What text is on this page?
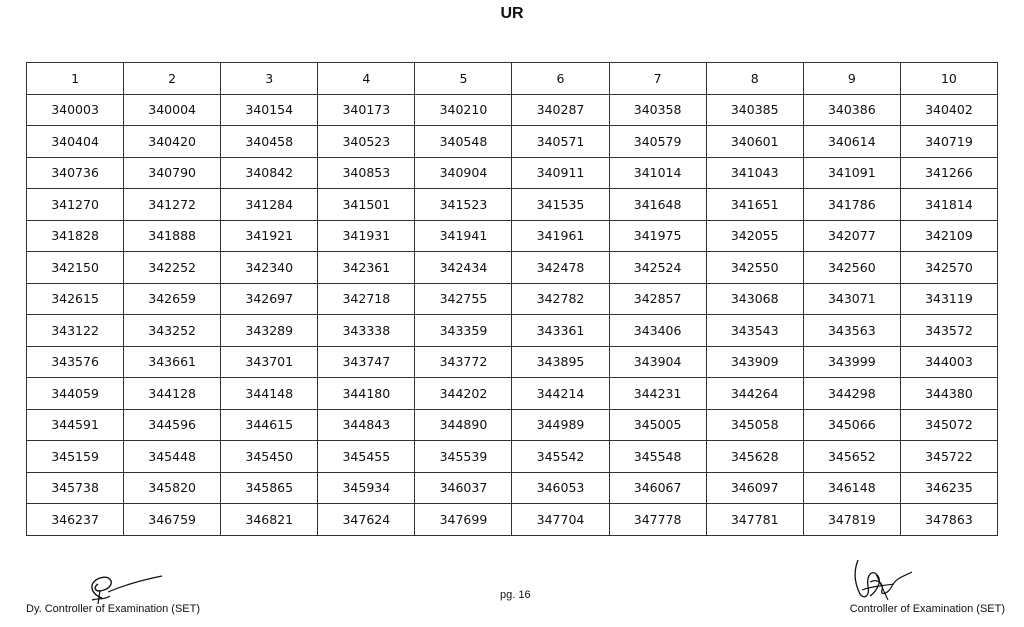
UR
1	2	3	4	5	6	7	8	9	10
340003	340004	340154	340173	340210	340287	340358	340385	340386	340402
340404	340420	340458	340523	340548	340571	340579	340601	340614	340719
340736	340790	340842	340853	340904	340911	341014	341043	341091	341266
341270	341272	341284	341501	341523	341535	341648	341651	341786	341814
341828	341888	341921	341931	341941	341961	341975	342055	342077	342109
342150	342252	342340	342361	342434	342478	342524	342550	342560	342570
342615	342659	342697	342718	342755	342782	342857	343068	343071	343119
343122	343252	343289	343338	343359	343361	343406	343543	343563	343572
343576	343661	343701	343747	343772	343895	343904	343909	343999	344003
344059	344128	344148	344180	344202	344214	344231	344264	344298	344380
344591	344596	344615	344843	344890	344989	345005	345058	345066	345072
345159	345448	345450	345455	345539	345542	345548	345628	345652	345722
345738	345820	345865	345934	346037	346053	346067	346097	346148	346235
346237	346759	346821	347624	347699	347704	347778	347781	347819	347863
Dy. Controller of Examination (SET)
pg. 16
Controller of Examination (SET)
